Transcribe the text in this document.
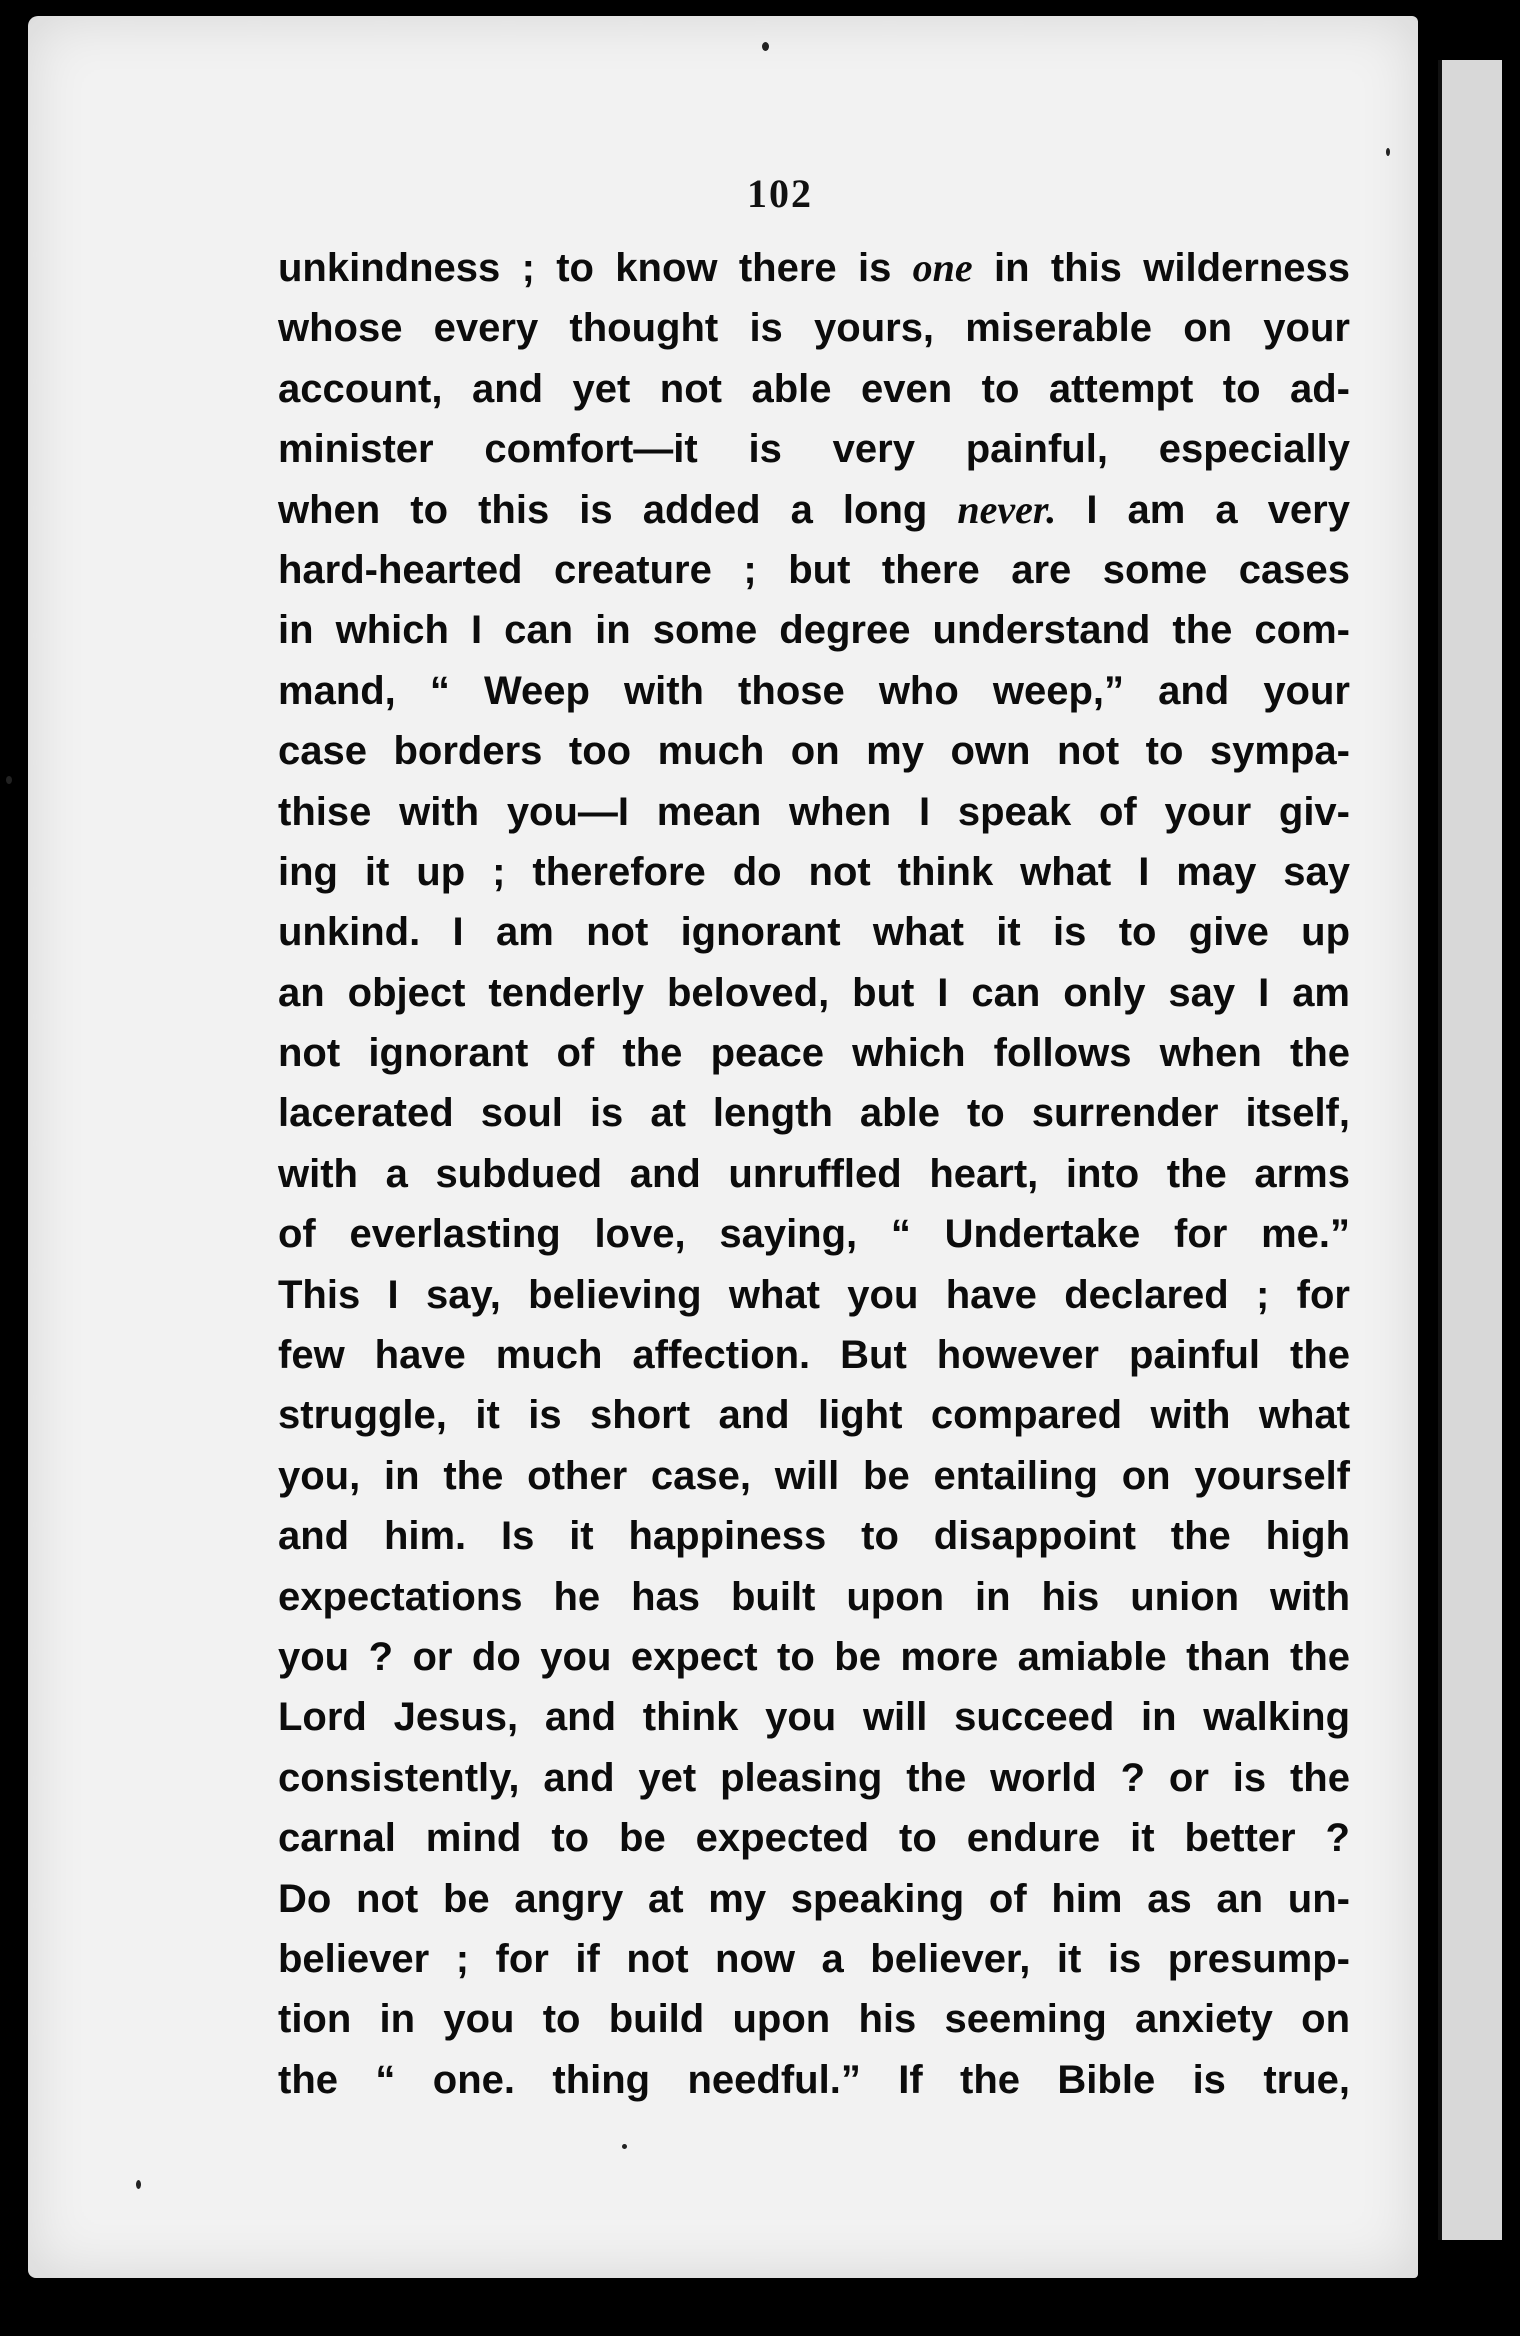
102
unkindness ; to know there is one in this wilderness
whose every thought is yours, miserable on your
account, and yet not able even to attempt to ad-
minister comfort—it is very painful, especially
when to this is added a long never. I am a very
hard-hearted creature ; but there are some cases
in which I can in some degree understand the com-
mand, “ Weep with those who weep,” and your
case borders too much on my own not to sympa-
thise with you—I mean when I speak of your giv-
ing it up ; therefore do not think what I may say
unkind. I am not ignorant what it is to give up
an object tenderly beloved, but I can only say I am
not ignorant of the peace which follows when the
lacerated soul is at length able to surrender itself,
with a subdued and unruffled heart, into the arms
of everlasting love, saying, “ Undertake for me.”
This I say, believing what you have declared ; for
few have much affection. But however painful the
struggle, it is short and light compared with what
you, in the other case, will be entailing on yourself
and him. Is it happiness to disappoint the high
expectations he has built upon in his union with
you ? or do you expect to be more amiable than the
Lord Jesus, and think you will succeed in walking
consistently, and yet pleasing the world ? or is the
carnal mind to be expected to endure it better ?
Do not be angry at my speaking of him as an un-
believer ; for if not now a believer, it is presump-
tion in you to build upon his seeming anxiety on
the “ one. thing needful.” If the Bible is true,
